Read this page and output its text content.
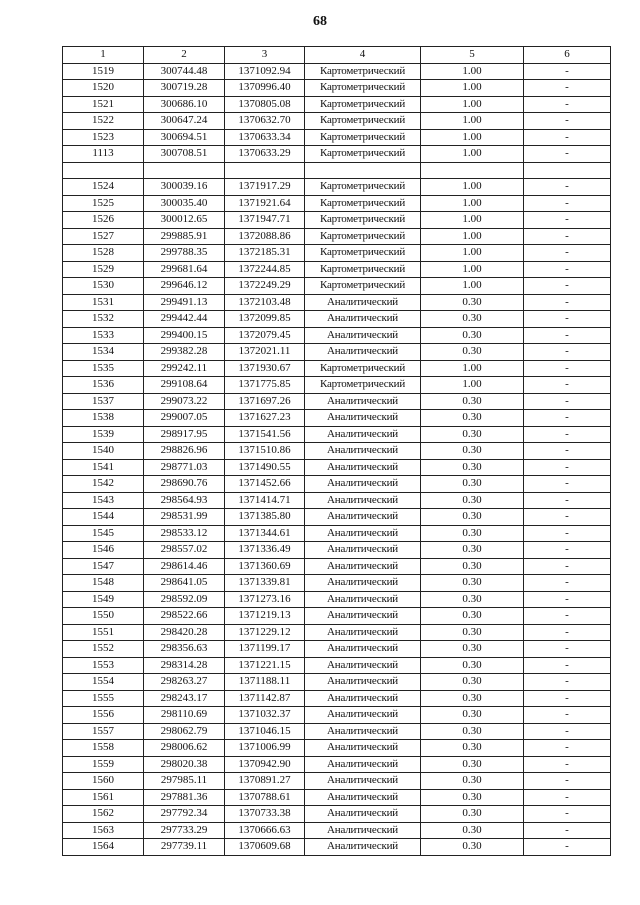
68
1	2	3	4	5	6
1519	300744.48	1371092.94	Картометрический	1.00	-
1520	300719.28	1370996.40	Картометрический	1.00	-
1521	300686.10	1370805.08	Картометрический	1.00	-
1522	300647.24	1370632.70	Картометрический	1.00	-
1523	300694.51	1370633.34	Картометрический	1.00	-
1113	300708.51	1370633.29	Картометрический	1.00	-

1524	300039.16	1371917.29	Картометрический	1.00	-
1525	300035.40	1371921.64	Картометрический	1.00	-
1526	300012.65	1371947.71	Картометрический	1.00	-
1527	299885.91	1372088.86	Картометрический	1.00	-
1528	299788.35	1372185.31	Картометрический	1.00	-
1529	299681.64	1372244.85	Картометрический	1.00	-
1530	299646.12	1372249.29	Картометрический	1.00	-
1531	299491.13	1372103.48	Аналитический	0.30	-
1532	299442.44	1372099.85	Аналитический	0.30	-
1533	299400.15	1372079.45	Аналитический	0.30	-
1534	299382.28	1372021.11	Аналитический	0.30	-
1535	299242.11	1371930.67	Картометрический	1.00	-
1536	299108.64	1371775.85	Картометрический	1.00	-
1537	299073.22	1371697.26	Аналитический	0.30	-
1538	299007.05	1371627.23	Аналитический	0.30	-
1539	298917.95	1371541.56	Аналитический	0.30	-
1540	298826.96	1371510.86	Аналитический	0.30	-
1541	298771.03	1371490.55	Аналитический	0.30	-
1542	298690.76	1371452.66	Аналитический	0.30	-
1543	298564.93	1371414.71	Аналитический	0.30	-
1544	298531.99	1371385.80	Аналитический	0.30	-
1545	298533.12	1371344.61	Аналитический	0.30	-
1546	298557.02	1371336.49	Аналитический	0.30	-
1547	298614.46	1371360.69	Аналитический	0.30	-
1548	298641.05	1371339.81	Аналитический	0.30	-
1549	298592.09	1371273.16	Аналитический	0.30	-
1550	298522.66	1371219.13	Аналитический	0.30	-
1551	298420.28	1371229.12	Аналитический	0.30	-
1552	298356.63	1371199.17	Аналитический	0.30	-
1553	298314.28	1371221.15	Аналитический	0.30	-
1554	298263.27	1371188.11	Аналитический	0.30	-
1555	298243.17	1371142.87	Аналитический	0.30	-
1556	298110.69	1371032.37	Аналитический	0.30	-
1557	298062.79	1371046.15	Аналитический	0.30	-
1558	298006.62	1371006.99	Аналитический	0.30	-
1559	298020.38	1370942.90	Аналитический	0.30	-
1560	297985.11	1370891.27	Аналитический	0.30	-
1561	297881.36	1370788.61	Аналитический	0.30	-
1562	297792.34	1370733.38	Аналитический	0.30	-
1563	297733.29	1370666.63	Аналитический	0.30	-
1564	297739.11	1370609.68	Аналитический	0.30	-
